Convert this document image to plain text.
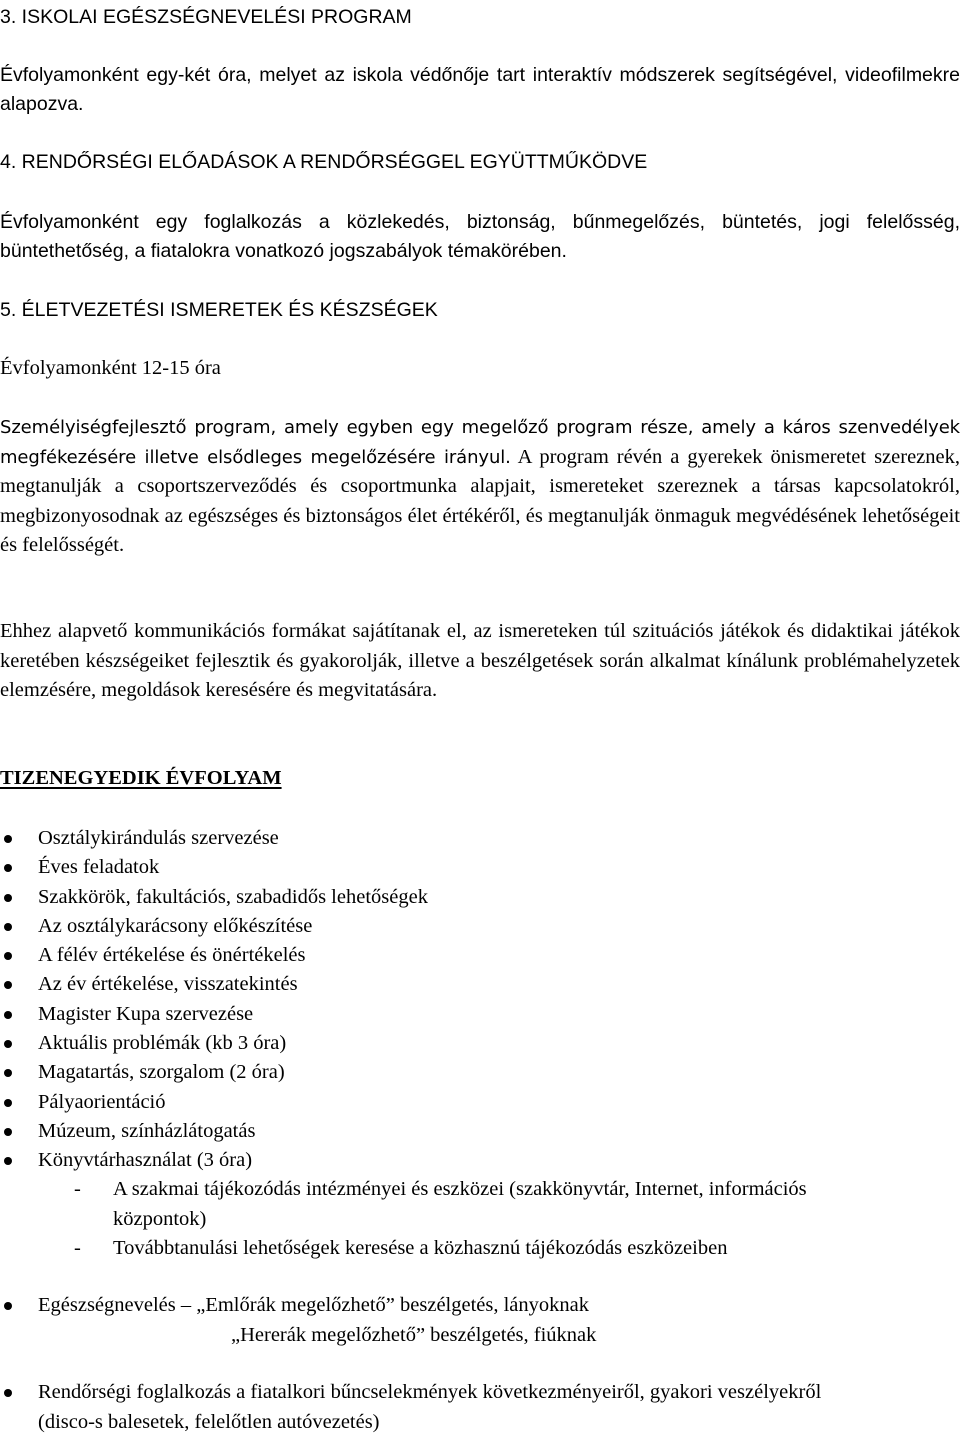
3. ISKOLAI EGÉSZSÉGNEVELÉSI PROGRAM

Évfolyamonként egy-két óra, melyet az iskola védőnője tart interaktív módszerek segítségével, videofilmekre alapozva.

4. RENDŐRSÉGI ELŐADÁSOK A RENDŐRSÉGGEL EGYÜTTMŰKÖDVE

Évfolyamonként egy foglalkozás a közlekedés, biztonság, bűnmegelőzés, büntetés, jogi felelősség, büntethetőség, a fiatalokra vonatkozó jogszabályok témakörében.

5. ÉLETVEZETÉSI ISMERETEK ÉS KÉSZSÉGEK

Évfolyamonként 12-15 óra

Személyiségfejlesztő program, amely egyben egy megelőző program része, amely a káros szenvedélyek megfékezésére illetve elsődleges megelőzésére irányul. A program révén a gyerekek önismeretet szereznek, megtanulják a csoportszerveződés és csoportmunka alapjait, ismereteket szereznek a társas kapcsolatokról, megbizonyosodnak az egészséges és biztonságos élet értékéről, és megtanulják önmaguk megvédésének lehetőségeit és felelősségét.

Ehhez alapvető kommunikációs formákat sajátítanak el, az ismereteken túl szituációs játékok és didaktikai játékok keretében készségeiket fejlesztik és gyakorolják, illetve a beszélgetések során alkalmat kínálunk problémahelyzetek elemzésére, megoldások keresésére és megvitatására.

TIZENEGYEDIK ÉVFOLYAM
Osztálykirándulás szervezése
Éves feladatok
Szakkörök, fakultációs, szabadidős lehetőségek
Az osztálykarácsony előkészítése
A félév értékelése és önértékelés
Az év értékelése, visszatekintés
Magister Kupa szervezése
Aktuális problémák (kb 3 óra)
Magatartás, szorgalom (2 óra)
Pályaorientáció
Múzeum, színházlátogatás
Könyvtárhasználat (3 óra)
- A szakmai tájékozódás intézményei és eszközei (szakkönyvtár, Internet, információs központok)
- Továbbtanulási lehetőségek keresése a közhasznú tájékozódás eszközeiben
Egészségnevelés – „Emlőrák megelőzhető” beszélgetés, lányoknak
„Hererák megelőzhető” beszélgetés, fiúknak
Rendőrségi foglalkozás a fiatalkori bűncselekmények következményeiről, gyakori veszélyekről (disco-s balesetek, felelőtlen autóvezetés)
